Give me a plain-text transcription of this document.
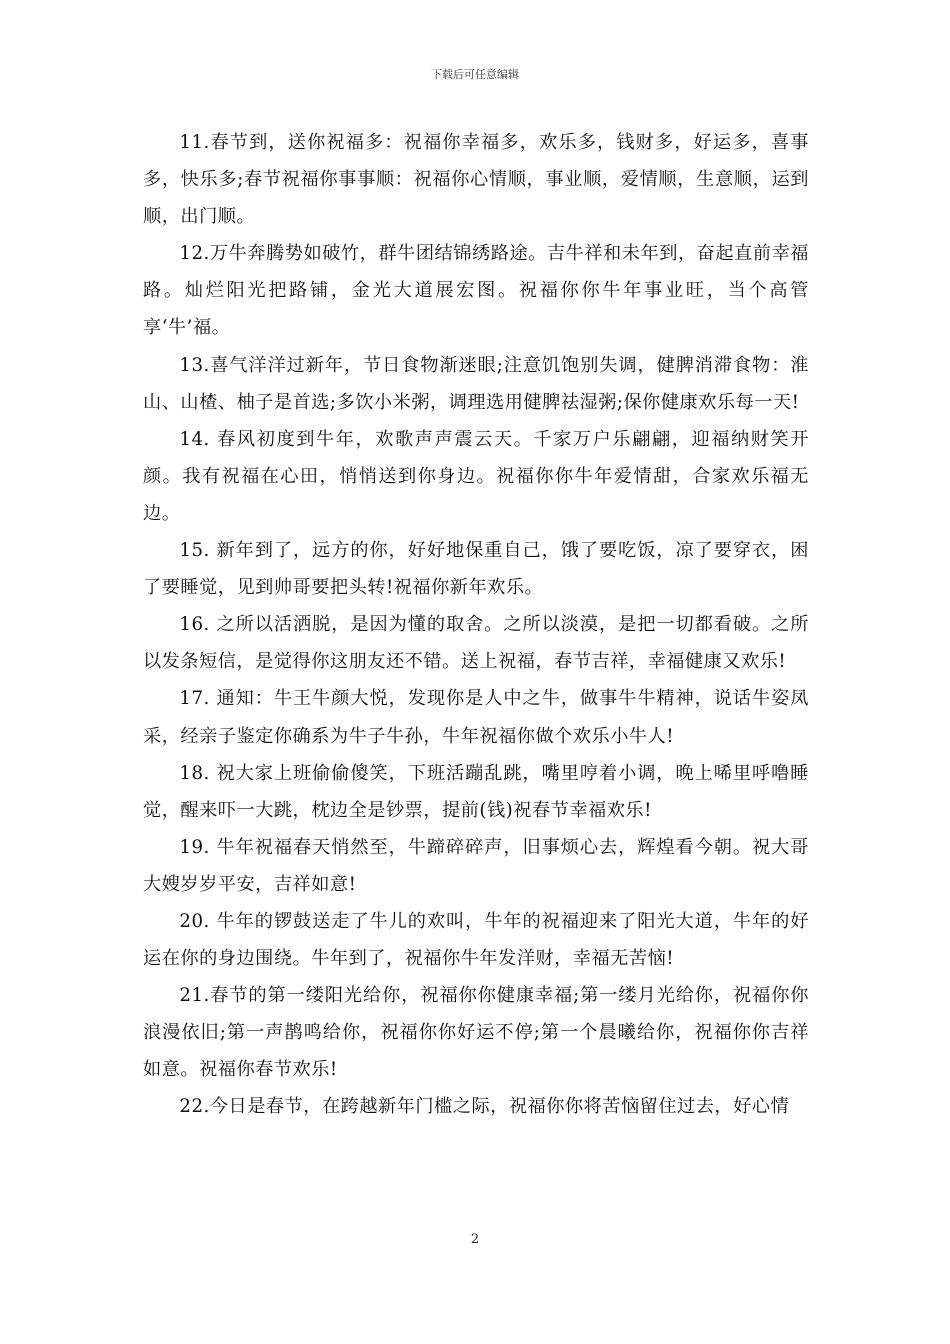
下载后可任意编辑

11.春节到，送你祝福多：祝福你幸福多，欢乐多，钱财多，好运多，喜事多，快乐多;春节祝福你事事顺：祝福你心情顺，事业顺，爱情顺，生意顺，运到顺，出门顺。

12.万牛奔腾势如破竹，群牛团结锦绣路途。吉牛祥和未年到，奋起直前幸福路。灿烂阳光把路铺，金光大道展宏图。祝福你你牛年事业旺，当个高管享‘牛’福。

13.喜气洋洋过新年，节日食物渐迷眼;注意饥饱别失调，健脾消滞食物：淮山、山楂、柚子是首选;多饮小米粥，调理选用健脾祛湿粥;保你健康欢乐每一天!

14. 春风初度到牛年，欢歌声声震云天。千家万户乐翩翩，迎福纳财笑开颜。我有祝福在心田，悄悄送到你身边。祝福你你牛年爱情甜，合家欢乐福无边。

15. 新年到了，远方的你，好好地保重自己，饿了要吃饭，凉了要穿衣，困了要睡觉，见到帅哥要把头转!祝福你新年欢乐。

16. 之所以活洒脱，是因为懂的取舍。之所以淡漠，是把一切都看破。之所以发条短信，是觉得你这朋友还不错。送上祝福，春节吉祥，幸福健康又欢乐!

17. 通知：牛王牛颜大悦，发现你是人中之牛，做事牛牛精神，说话牛姿凤采，经亲子鉴定你确系为牛子牛孙，牛年祝福你做个欢乐小牛人!

18. 祝大家上班偷偷傻笑，下班活蹦乱跳，嘴里哼着小调，晚上唏里呼噜睡觉，醒来吓一大跳，枕边全是钞票，提前(钱)祝春节幸福欢乐!

19. 牛年祝福春天悄然至，牛蹄碎碎声，旧事烦心去，辉煌看今朝。祝大哥大嫂岁岁平安，吉祥如意!

20. 牛年的锣鼓送走了牛儿的欢叫，牛年的祝福迎来了阳光大道，牛年的好运在你的身边围绕。牛年到了，祝福你牛年发洋财，幸福无苦恼!

21.春节的第一缕阳光给你，祝福你你健康幸福;第一缕月光给你，祝福你你浪漫依旧;第一声鹊鸣给你，祝福你你好运不停;第一个晨曦给你，祝福你你吉祥如意。祝福你春节欢乐!

22.今日是春节，在跨越新年门槛之际，祝福你你将苦恼留住过去，好心情

2
